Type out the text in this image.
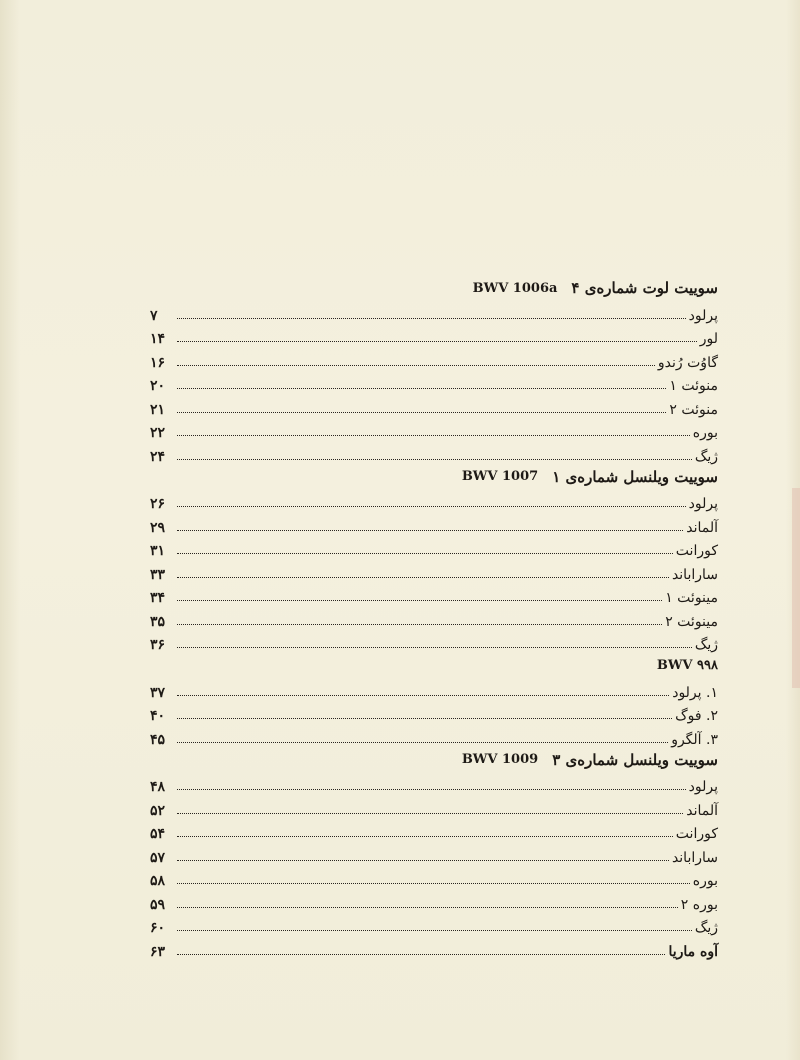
سوییت لوت شماره‌ی ۴
BWV 1006a
پرلود
۷
لور
۱۴
گاوُت رُندو
۱۶
منوئت ۱
۲۰
منوئت ۲
۲۱
بوره
۲۲
ژیگ
۲۴
سوییت ویلنسل شماره‌ی ۱
BWV 1007
پرلود
۲۶
آلماند
۲۹
کورانت
۳۱
ساراباند
۳۳
مینوئت ۱
۳۴
مینوئت ۲
۳۵
ژیگ
۳۶
BWV ۹۹۸
۱. پرلود
۳۷
۲. فوگ
۴۰
۳. آلگرو
۴۵
سوییت ویلنسل شماره‌ی ۳
BWV 1009
پرلود
۴۸
آلماند
۵۲
کورانت
۵۴
ساراباند
۵۷
بوره
۵۸
بوره ۲
۵۹
ژیگ
۶۰
آوه ماریا
۶۳
